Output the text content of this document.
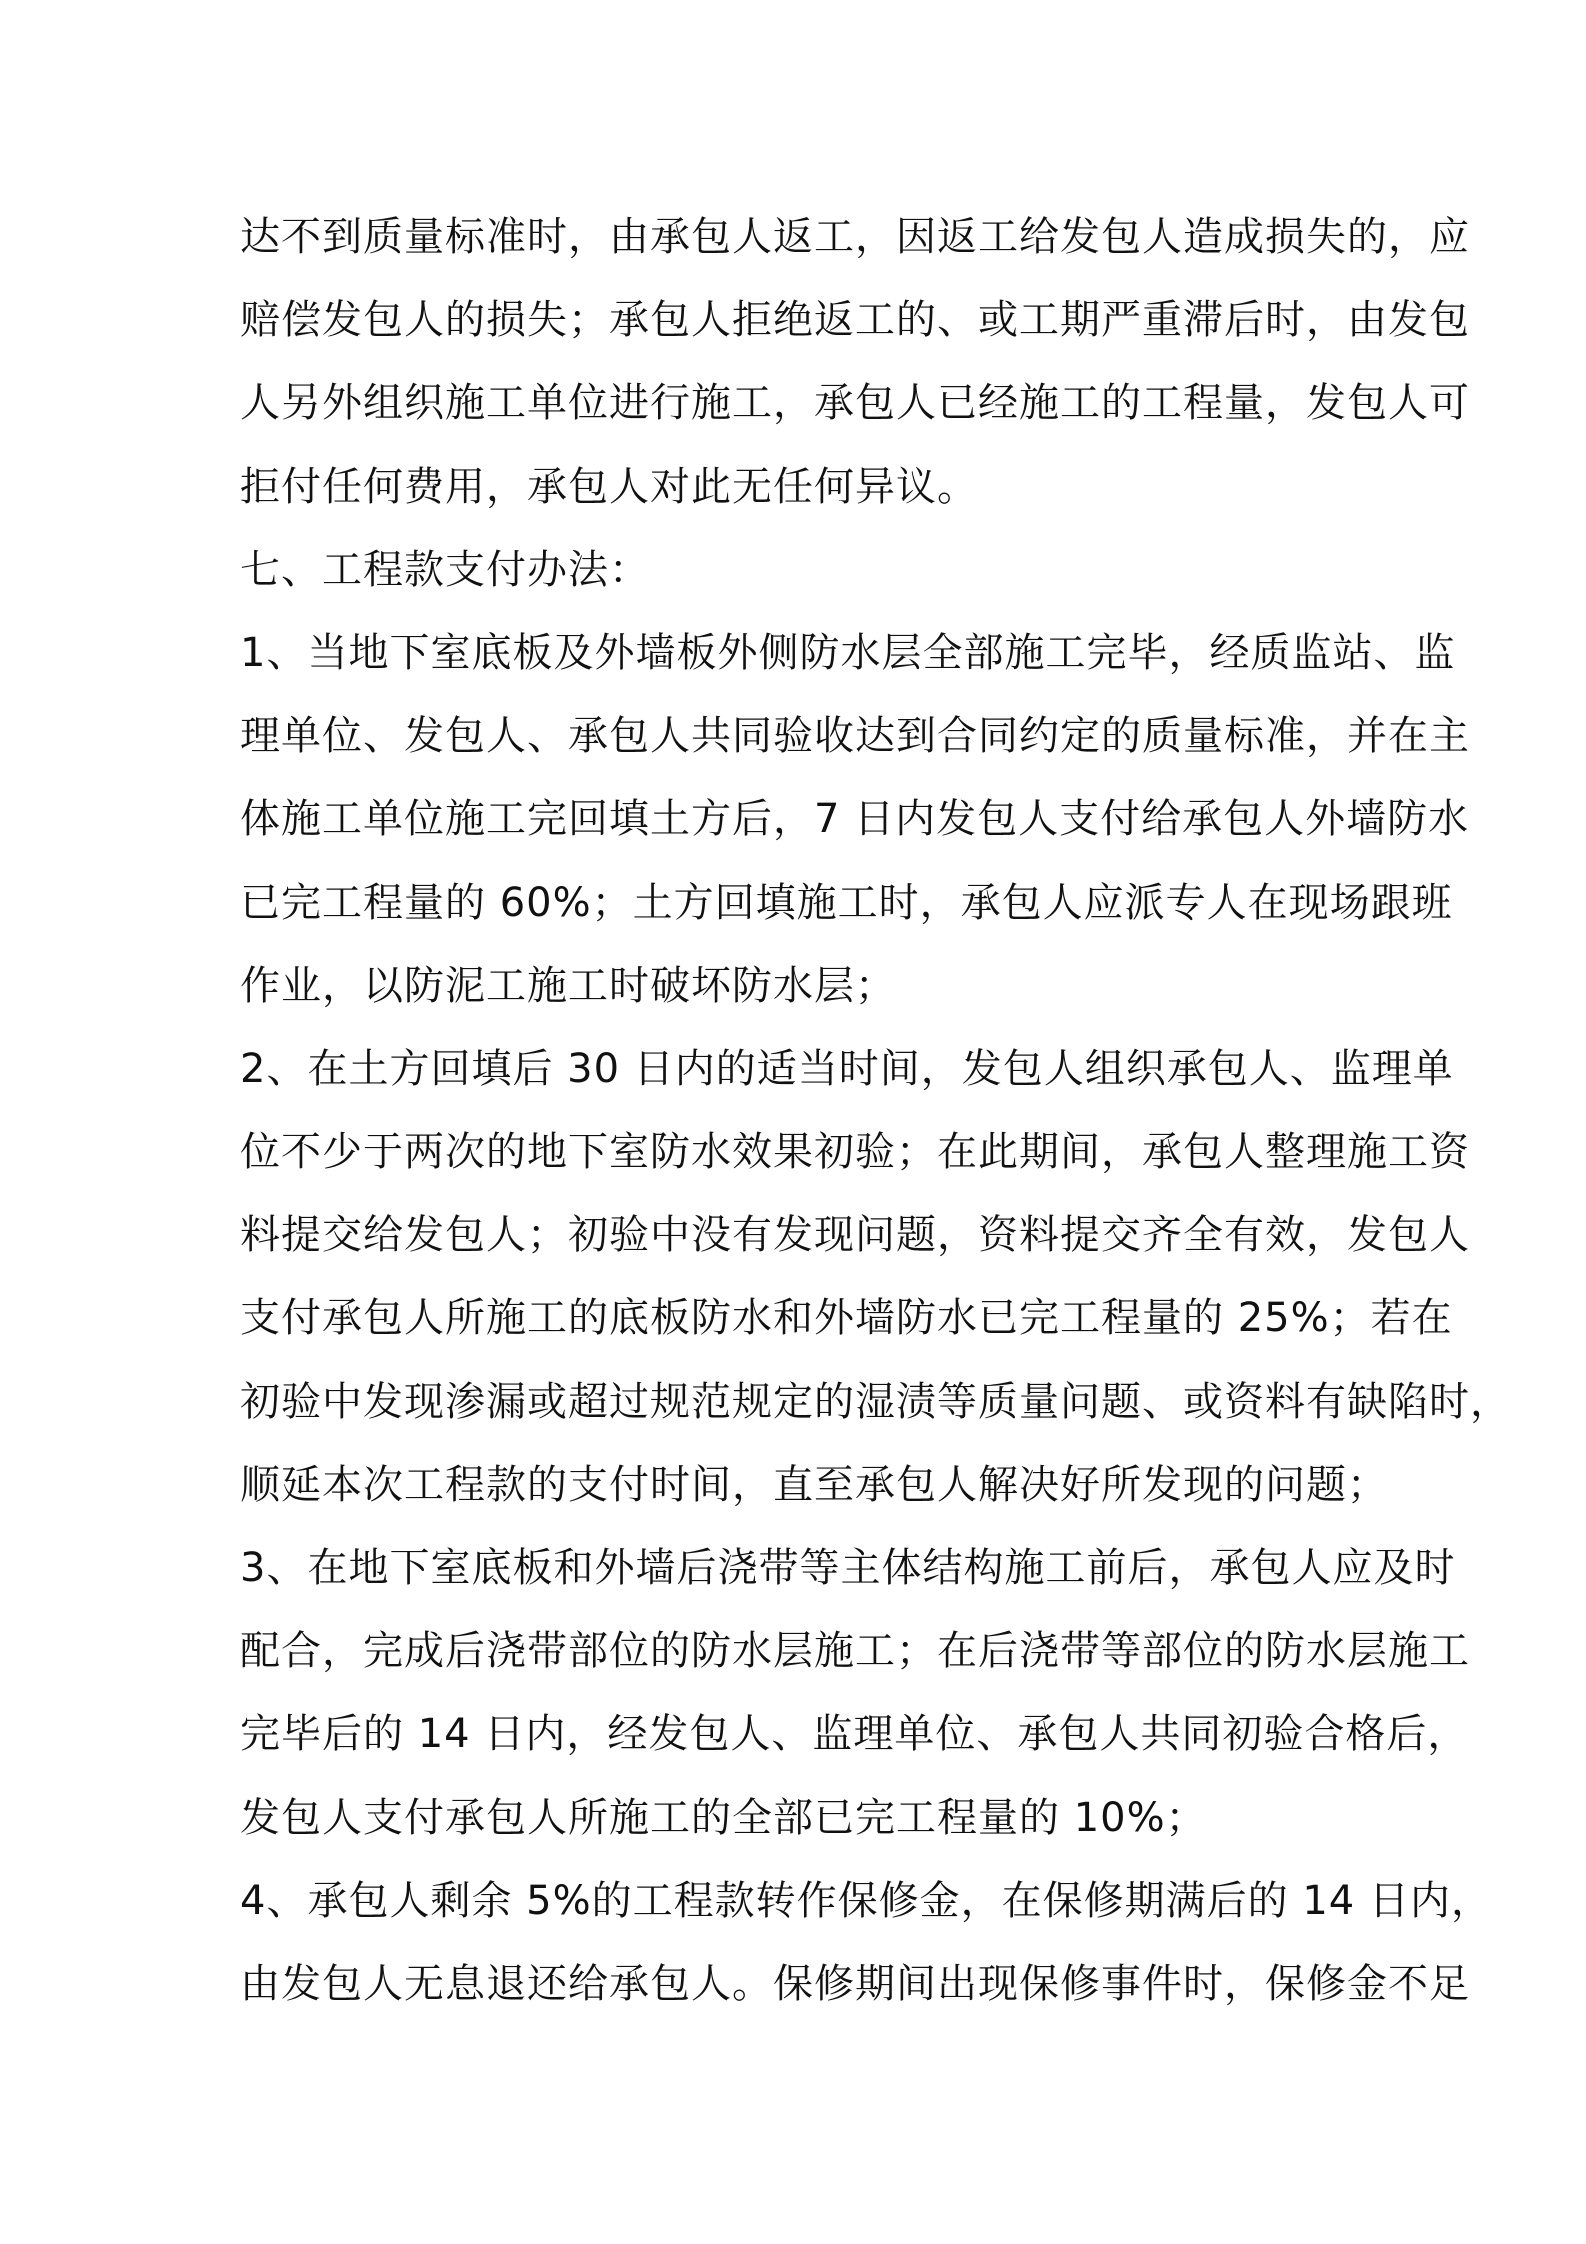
达不到质量标准时，由承包人返工，因返工给发包人造成损失的，应
赔偿发包人的损失；承包人拒绝返工的、或工期严重滞后时，由发包
人另外组织施工单位进行施工，承包人已经施工的工程量，发包人可
拒付任何费用，承包人对此无任何异议。
七、工程款支付办法：
1、当地下室底板及外墙板外侧防水层全部施工完毕，经质监站、监
理单位、发包人、承包人共同验收达到合同约定的质量标准，并在主
体施工单位施工完回填土方后，7 日内发包人支付给承包人外墙防水
已完工程量的 60%；土方回填施工时，承包人应派专人在现场跟班
作业，以防泥工施工时破坏防水层；
2、在土方回填后 30 日内的适当时间，发包人组织承包人、监理单
位不少于两次的地下室防水效果初验；在此期间，承包人整理施工资
料提交给发包人；初验中没有发现问题，资料提交齐全有效，发包人
支付承包人所施工的底板防水和外墙防水已完工程量的 25%；若在
初验中发现渗漏或超过规范规定的湿渍等质量问题、或资料有缺陷时，
顺延本次工程款的支付时间，直至承包人解决好所发现的问题；
3、在地下室底板和外墙后浇带等主体结构施工前后，承包人应及时
配合，完成后浇带部位的防水层施工；在后浇带等部位的防水层施工
完毕后的 14 日内，经发包人、监理单位、承包人共同初验合格后，
发包人支付承包人所施工的全部已完工程量的 10%；
4、承包人剩余 5%的工程款转作保修金，在保修期满后的 14 日内，
由发包人无息退还给承包人。保修期间出现保修事件时，保修金不足
